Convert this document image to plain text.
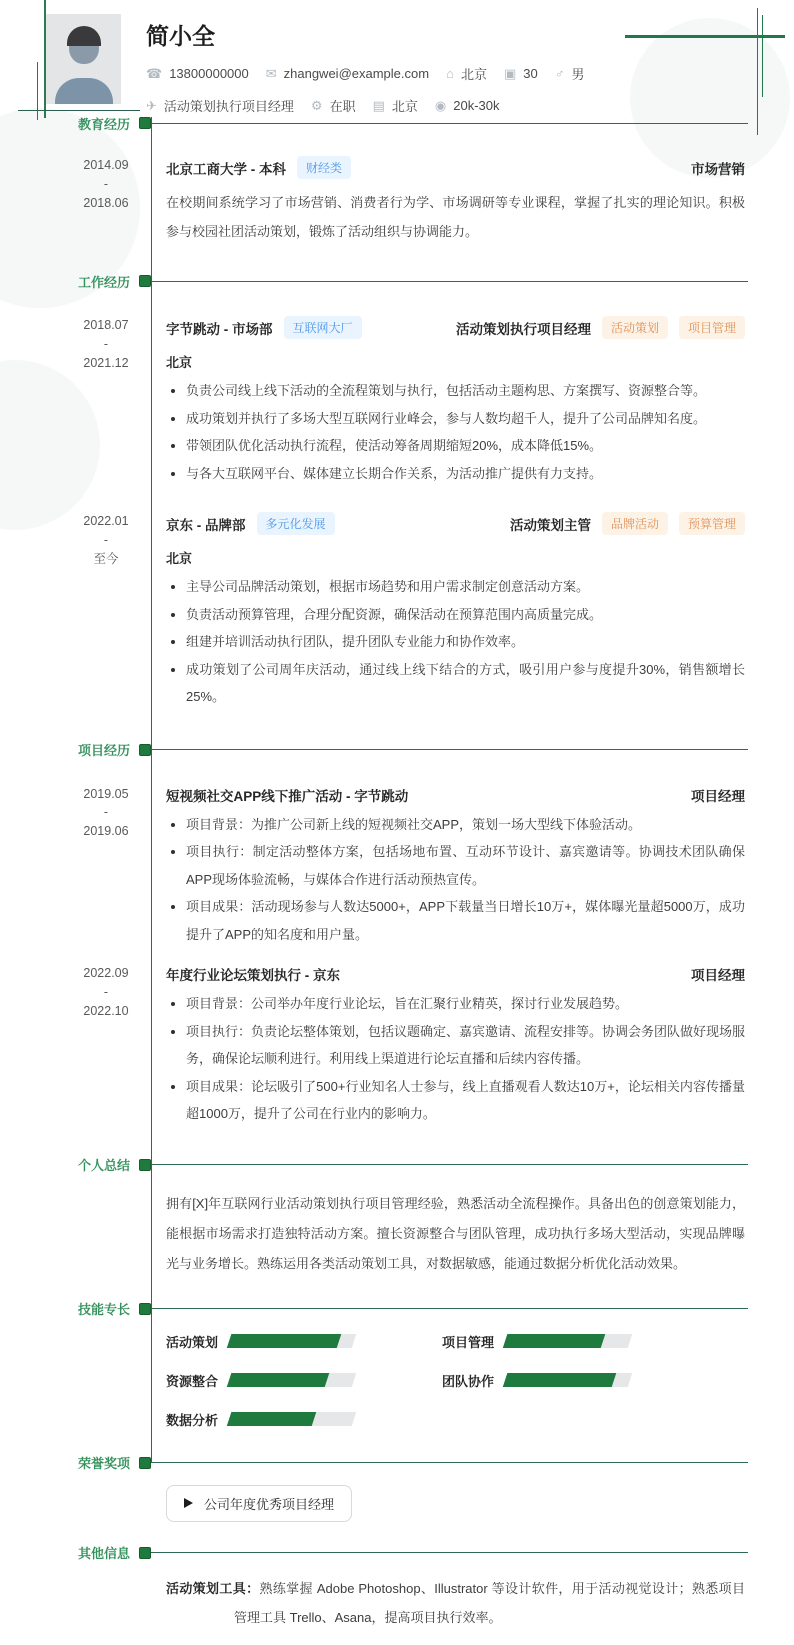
简小全
☎ 13800000000 ✉ zhangwei@example.com ⌂ 北京 ▣ 30 ♂ 男
✈ 活动策划执行项目经理 ⚙ 在职 ▤ 北京 ◉ 20k-30k
教育经历
2014.09
-
2018.06
北京工商大学 - 本科	财经类	市场营销
在校期间系统学习了市场营销、消费者行为学、市场调研等专业课程，掌握了扎实的理论知识。积极参与校园社团活动策划，锻炼了活动组织与协调能力。
工作经历
2018.07
-
2021.12
字节跳动 - 市场部	互联网大厂	活动策划执行项目经理	活动策划	项目管理
北京
负责公司线上线下活动的全流程策划与执行，包括活动主题构思、方案撰写、资源整合等。
成功策划并执行了多场大型互联网行业峰会，参与人数均超千人，提升了公司品牌知名度。
带领团队优化活动执行流程，使活动筹备周期缩短20%，成本降低15%。
与各大互联网平台、媒体建立长期合作关系，为活动推广提供有力支持。
2022.01
-
至今
京东 - 品牌部	多元化发展	活动策划主管	品牌活动	预算管理
北京
主导公司品牌活动策划，根据市场趋势和用户需求制定创意活动方案。
负责活动预算管理，合理分配资源，确保活动在预算范围内高质量完成。
组建并培训活动执行团队，提升团队专业能力和协作效率。
成功策划了公司周年庆活动，通过线上线下结合的方式，吸引用户参与度提升30%，销售额增长25%。
项目经历
2019.05
-
2019.06
短视频社交APP线下推广活动 - 字节跳动	项目经理
项目背景：为推广公司新上线的短视频社交APP，策划一场大型线下体验活动。
项目执行：制定活动整体方案，包括场地布置、互动环节设计、嘉宾邀请等。协调技术团队确保APP现场体验流畅，与媒体合作进行活动预热宣传。
项目成果：活动现场参与人数达5000+，APP下载量当日增长10万+，媒体曝光量超5000万，成功提升了APP的知名度和用户量。
2022.09
-
2022.10
年度行业论坛策划执行 - 京东	项目经理
项目背景：公司举办年度行业论坛，旨在汇聚行业精英，探讨行业发展趋势。
项目执行：负责论坛整体策划，包括议题确定、嘉宾邀请、流程安排等。协调会务团队做好现场服务，确保论坛顺利进行。利用线上渠道进行论坛直播和后续内容传播。
项目成果：论坛吸引了500+行业知名人士参与，线上直播观看人数达10万+，论坛相关内容传播量超1000万，提升了公司在行业内的影响力。
个人总结
拥有[X]年互联网行业活动策划执行项目管理经验，熟悉活动全流程操作。具备出色的创意策划能力，能根据市场需求打造独特活动方案。擅长资源整合与团队管理，成功执行多场大型活动，实现品牌曝光与业务增长。熟练运用各类活动策划工具，对数据敏感，能通过数据分析优化活动效果。
技能专长
活动策划	项目管理
资源整合	团队协作
数据分析
荣誉奖项
公司年度优秀项目经理
其他信息

活动策划工具：熟练掌握 Adobe Photoshop、Illustrator 等设计软件，用于活动视觉设计；熟悉项目管理工具 Trello、Asana，提高项目执行效率。
